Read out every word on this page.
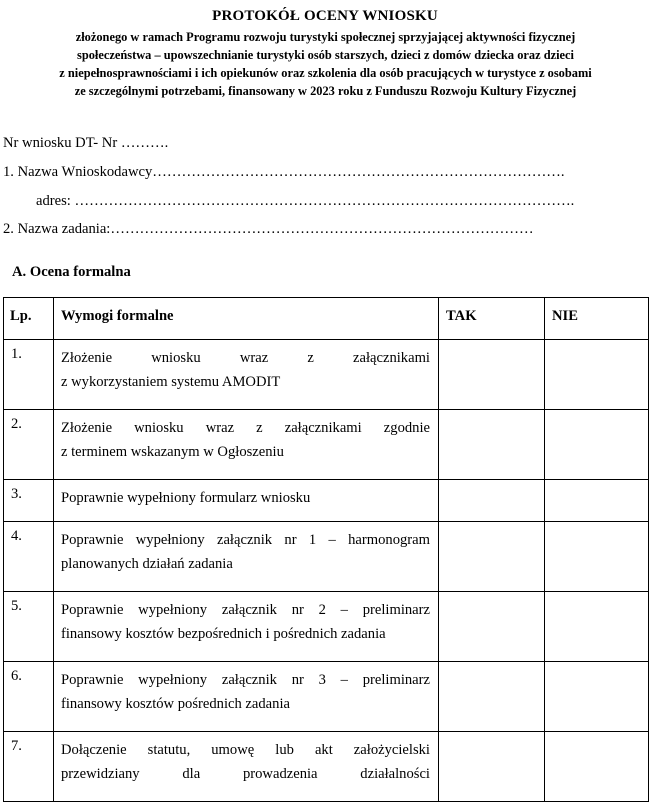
PROTOKÓŁ OCENY WNIOSKU
złożonego w ramach Programu rozwoju turystyki społecznej sprzyjającej aktywności fizycznej
społeczeństwa – upowszechnianie turystyki osób starszych, dzieci z domów dziecka oraz dzieci
z niepełnosprawnościami i ich opiekunów oraz szkolenia dla osób pracujących w turystyce z osobami
ze szczególnymi potrzebami, finansowany w 2023 roku z Funduszu Rozwoju Kultury Fizycznej
Nr wniosku DT- Nr ……….
1. Nazwa Wnioskodawcy………………………………………………………………………….
adres: ………………………………………………………………………………………….
2. Nazwa zadania:……………………………………………………………………………
A. Ocena formalna
Lp.	Wymogi formalne	TAK	NIE
1.	Złożenie wniosku wraz z załącznikami
z wykorzystaniem systemu AMODIT		

2.	Złożenie wniosku wraz z załącznikami zgodnie
z terminem wskazanym w Ogłoszeniu		

3.	Poprawnie wypełniony formularz wniosku		

4.	Poprawnie wypełniony załącznik nr 1 – harmonogram
planowanych działań zadania		

5.	Poprawnie wypełniony załącznik nr 2 – preliminarz
finansowy kosztów bezpośrednich i pośrednich zadania		

6.	Poprawnie wypełniony załącznik nr 3 – preliminarz
finansowy kosztów pośrednich zadania		

7.	Dołączenie statutu, umowę lub akt założycielski
przewidziany dla prowadzenia działalności		
